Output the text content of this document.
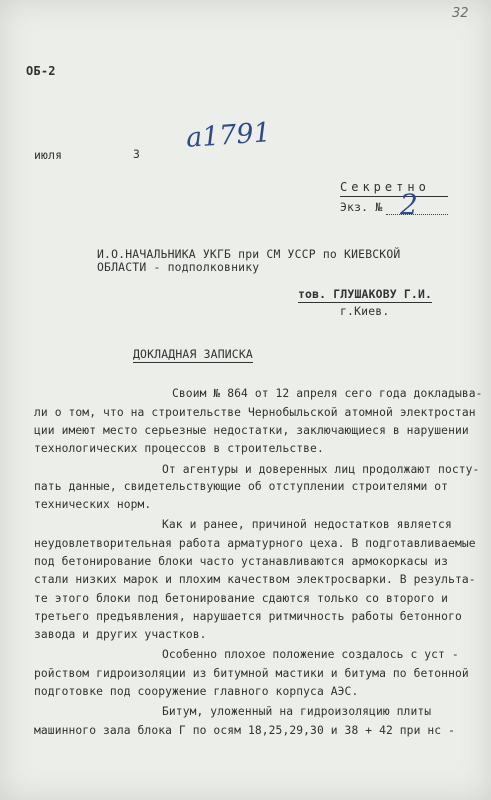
32
ОБ-2
июля	3
a1791
Секретно
Экз. № 2
И.О.НАЧАЛЬНИКА УКГБ при СМ УССР по КИЕВСКОЙ
ОБЛАСТИ - подполковнику
тов. ГЛУШАКОВУ Г.И.
г.Киев.
ДОКЛАДНАЯ ЗАПИСКА
Своим № 864 от 12 апреля сего года докладыва-
ли о том, что на строительстве Чернобыльской атомной электростан
ции имеют место серьезные недостатки, заключающиеся в нарушении
технологических процессов в строительстве.
От агентуры и доверенных лиц продолжают посту-
пать данные, свидетельствующие об отступлении строителями от
технических норм.
Как и ранее, причиной недостатков является
неудовлетворительная работа арматурного цеха. В подготавливаемые
под бетонирование блоки часто устанавливаются армокоркасы из
стали низких марок и плохим качеством электросварки. В результа-
те этого блоки под бетонирование сдаются только со второго и
третьего предъявления, нарушается ритмичность работы бетонного
завода и других участков.
Особенно плохое положение создалось с уст -
ройством гидроизоляции из битумной мастики и битума по бетонной
подготовке под сооружение главного корпуса АЭС.
Битум, уложенный на гидроизоляцию плиты
машинного зала блока Г по осям 18,25,29,30 и 38 + 42 при нс -
